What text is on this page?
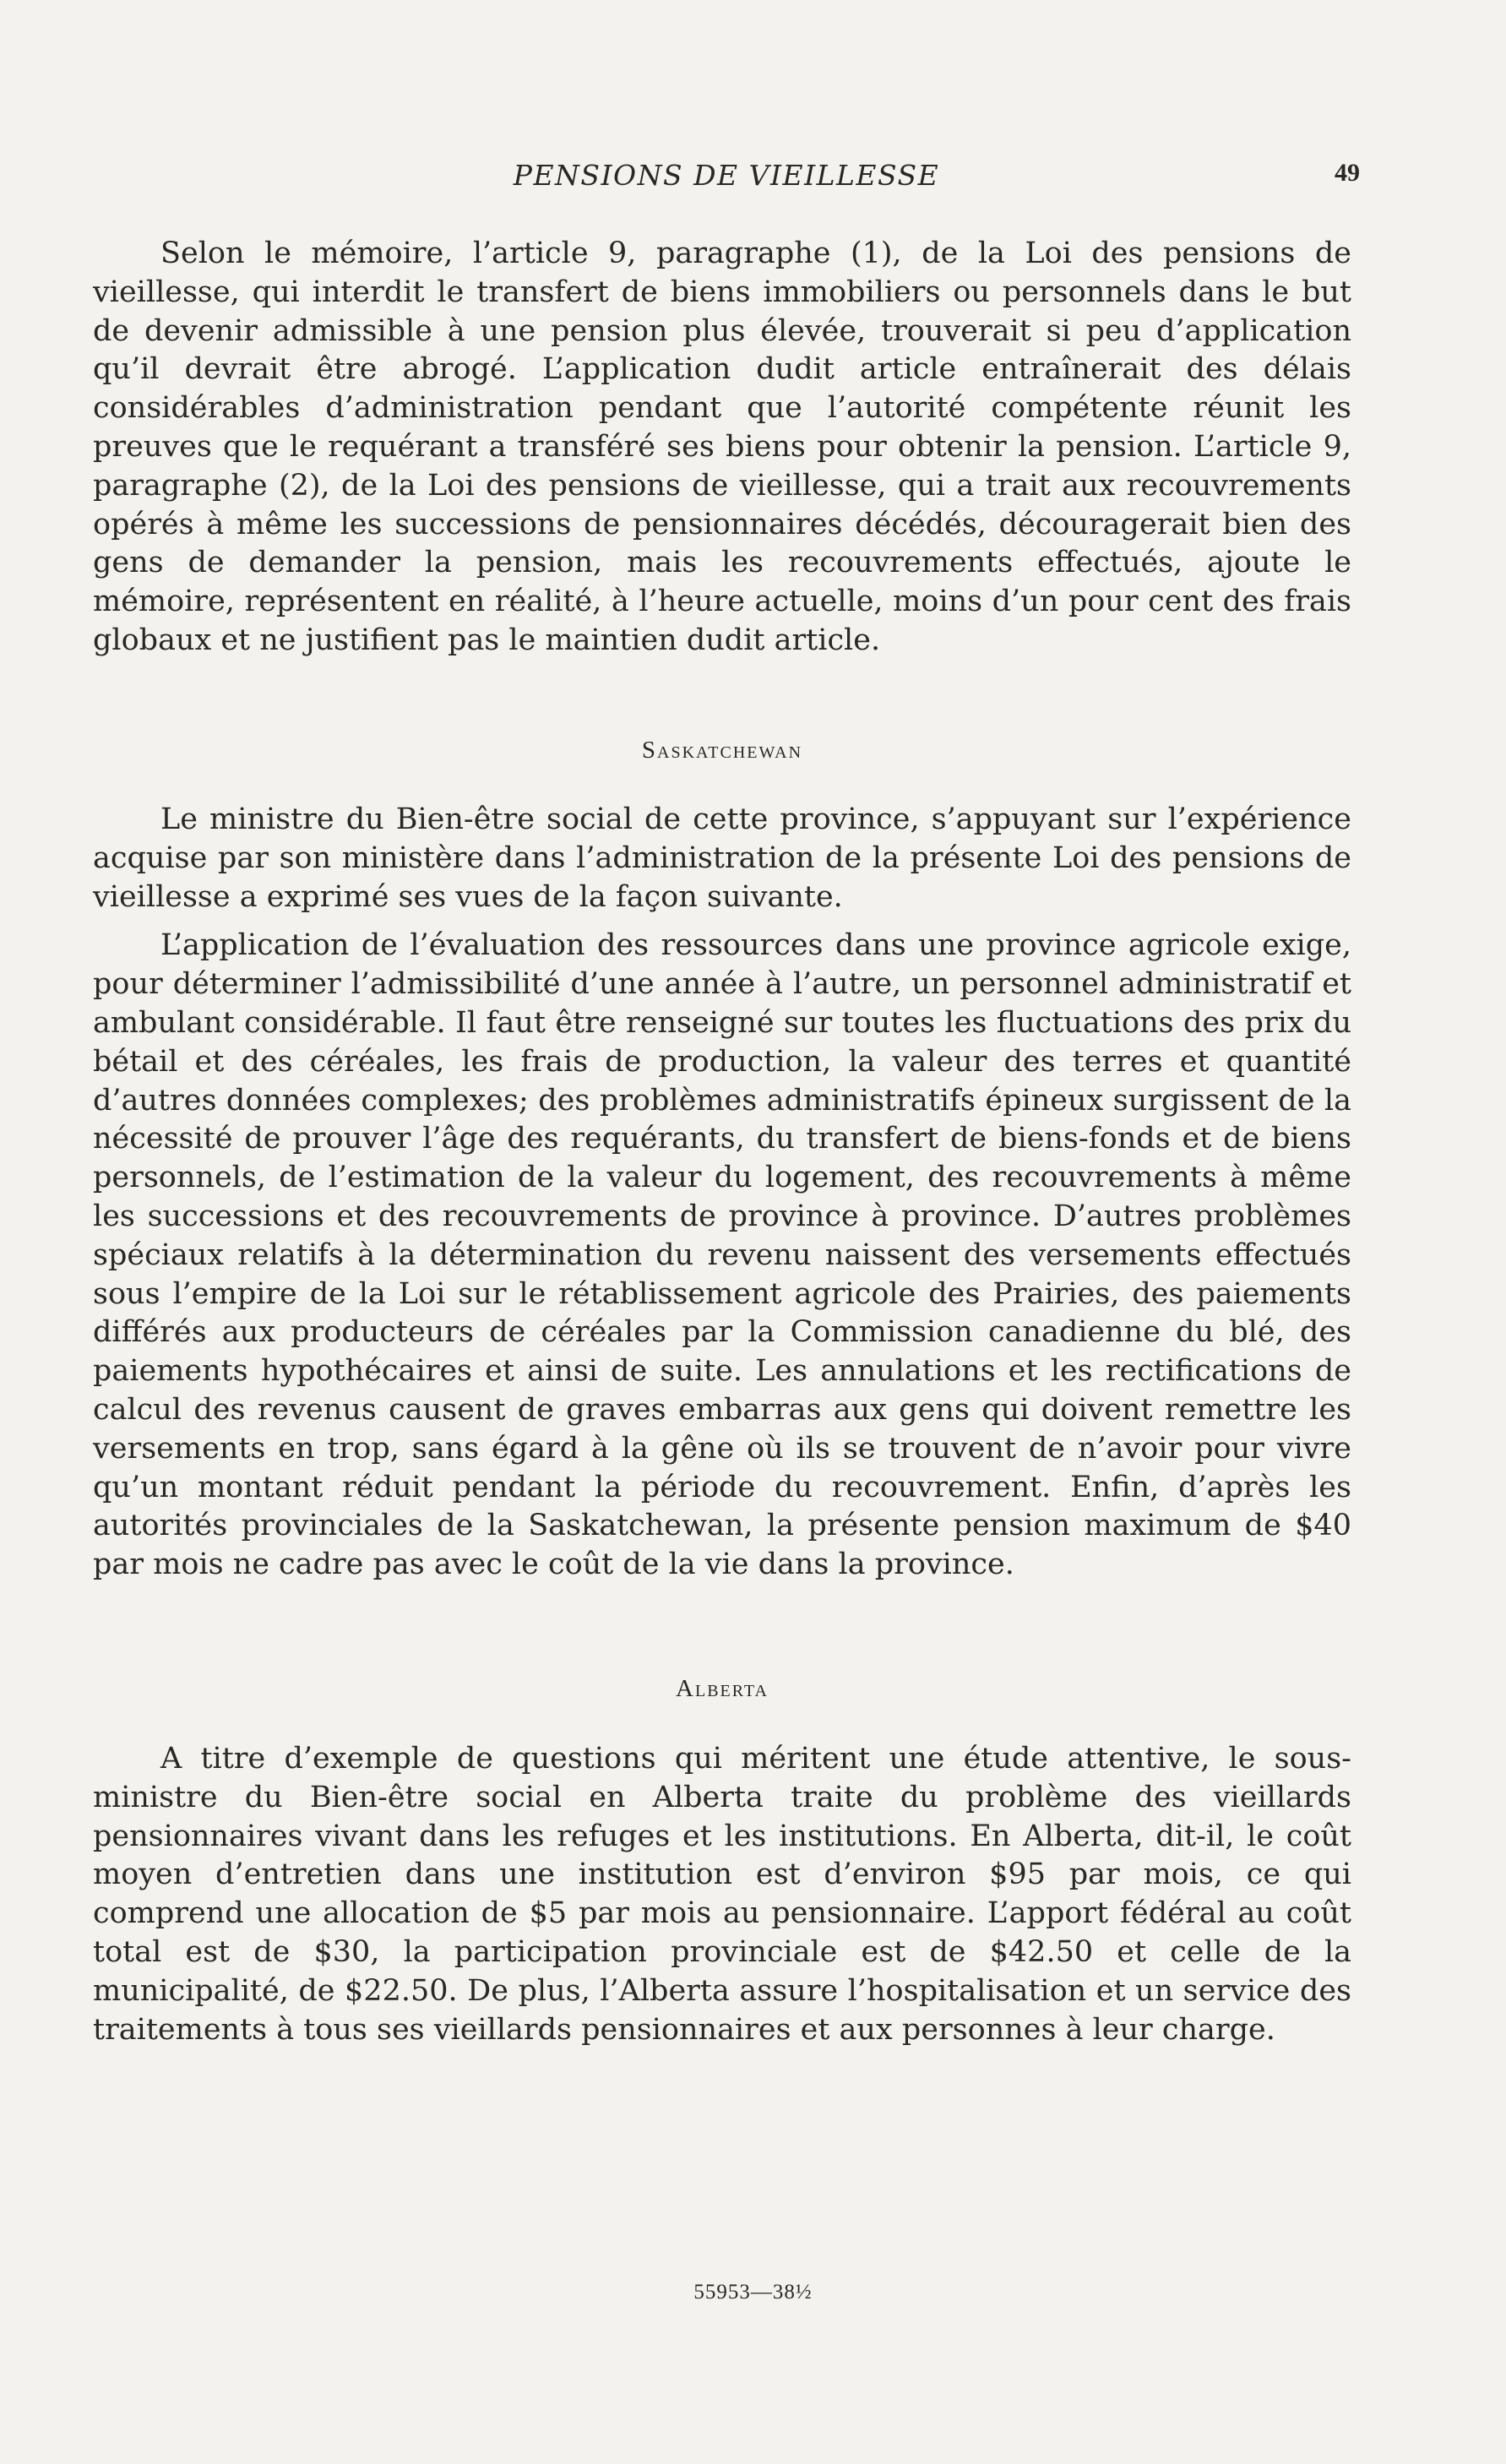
PENSIONS DE VIEILLESSE	49

Selon le mémoire, l’article 9, paragraphe (1), de la Loi des pensions de vieillesse, qui interdit le transfert de biens immobiliers ou personnels dans le but de devenir admissible à une pension plus élevée, trouverait si peu d’application qu’il devrait être abrogé. L’application dudit article entraînerait des délais considérables d’administration pendant que l’autorité compétente réunit les preuves que le requérant a transféré ses biens pour obtenir la pension. L’article 9, paragraphe (2), de la Loi des pensions de vieillesse, qui a trait aux recouvrements opérés à même les successions de pensionnaires décédés, découragerait bien des gens de demander la pension, mais les recouvrements effectués, ajoute le mémoire, représentent en réalité, à l’heure actuelle, moins d’un pour cent des frais globaux et ne justifient pas le maintien dudit article.

Saskatchewan

Le ministre du Bien-être social de cette province, s’appuyant sur l’expérience acquise par son ministère dans l’administration de la présente Loi des pensions de vieillesse a exprimé ses vues de la façon suivante.

L’application de l’évaluation des ressources dans une province agricole exige, pour déterminer l’admissibilité d’une année à l’autre, un personnel administratif et ambulant considérable. Il faut être renseigné sur toutes les fluctuations des prix du bétail et des céréales, les frais de production, la valeur des terres et quantité d’autres données complexes; des problèmes administratifs épineux surgissent de la nécessité de prouver l’âge des requérants, du transfert de biens-fonds et de biens personnels, de l’estimation de la valeur du logement, des recouvrements à même les successions et des recouvrements de province à province. D’autres problèmes spéciaux relatifs à la détermination du revenu naissent des versements effectués sous l’empire de la Loi sur le rétablissement agricole des Prairies, des paiements différés aux producteurs de céréales par la Commission canadienne du blé, des paiements hypothécaires et ainsi de suite. Les annulations et les rectifications de calcul des revenus causent de graves embarras aux gens qui doivent remettre les versements en trop, sans égard à la gêne où ils se trouvent de n’avoir pour vivre qu’un montant réduit pendant la période du recouvrement. Enfin, d’après les autorités provinciales de la Saskatchewan, la présente pension maximum de $40 par mois ne cadre pas avec le coût de la vie dans la province.

Alberta

A titre d’exemple de questions qui méritent une étude attentive, le sous-ministre du Bien-être social en Alberta traite du problème des vieillards pensionnaires vivant dans les refuges et les institutions. En Alberta, dit-il, le coût moyen d’entretien dans une institution est d’environ $95 par mois, ce qui comprend une allocation de $5 par mois au pensionnaire. L’apport fédéral au coût total est de $30, la participation provinciale est de $42.50 et celle de la municipalité, de $22.50. De plus, l’Alberta assure l’hospitalisation et un service des traitements à tous ses vieillards pensionnaires et aux personnes à leur charge.

55953—38½
